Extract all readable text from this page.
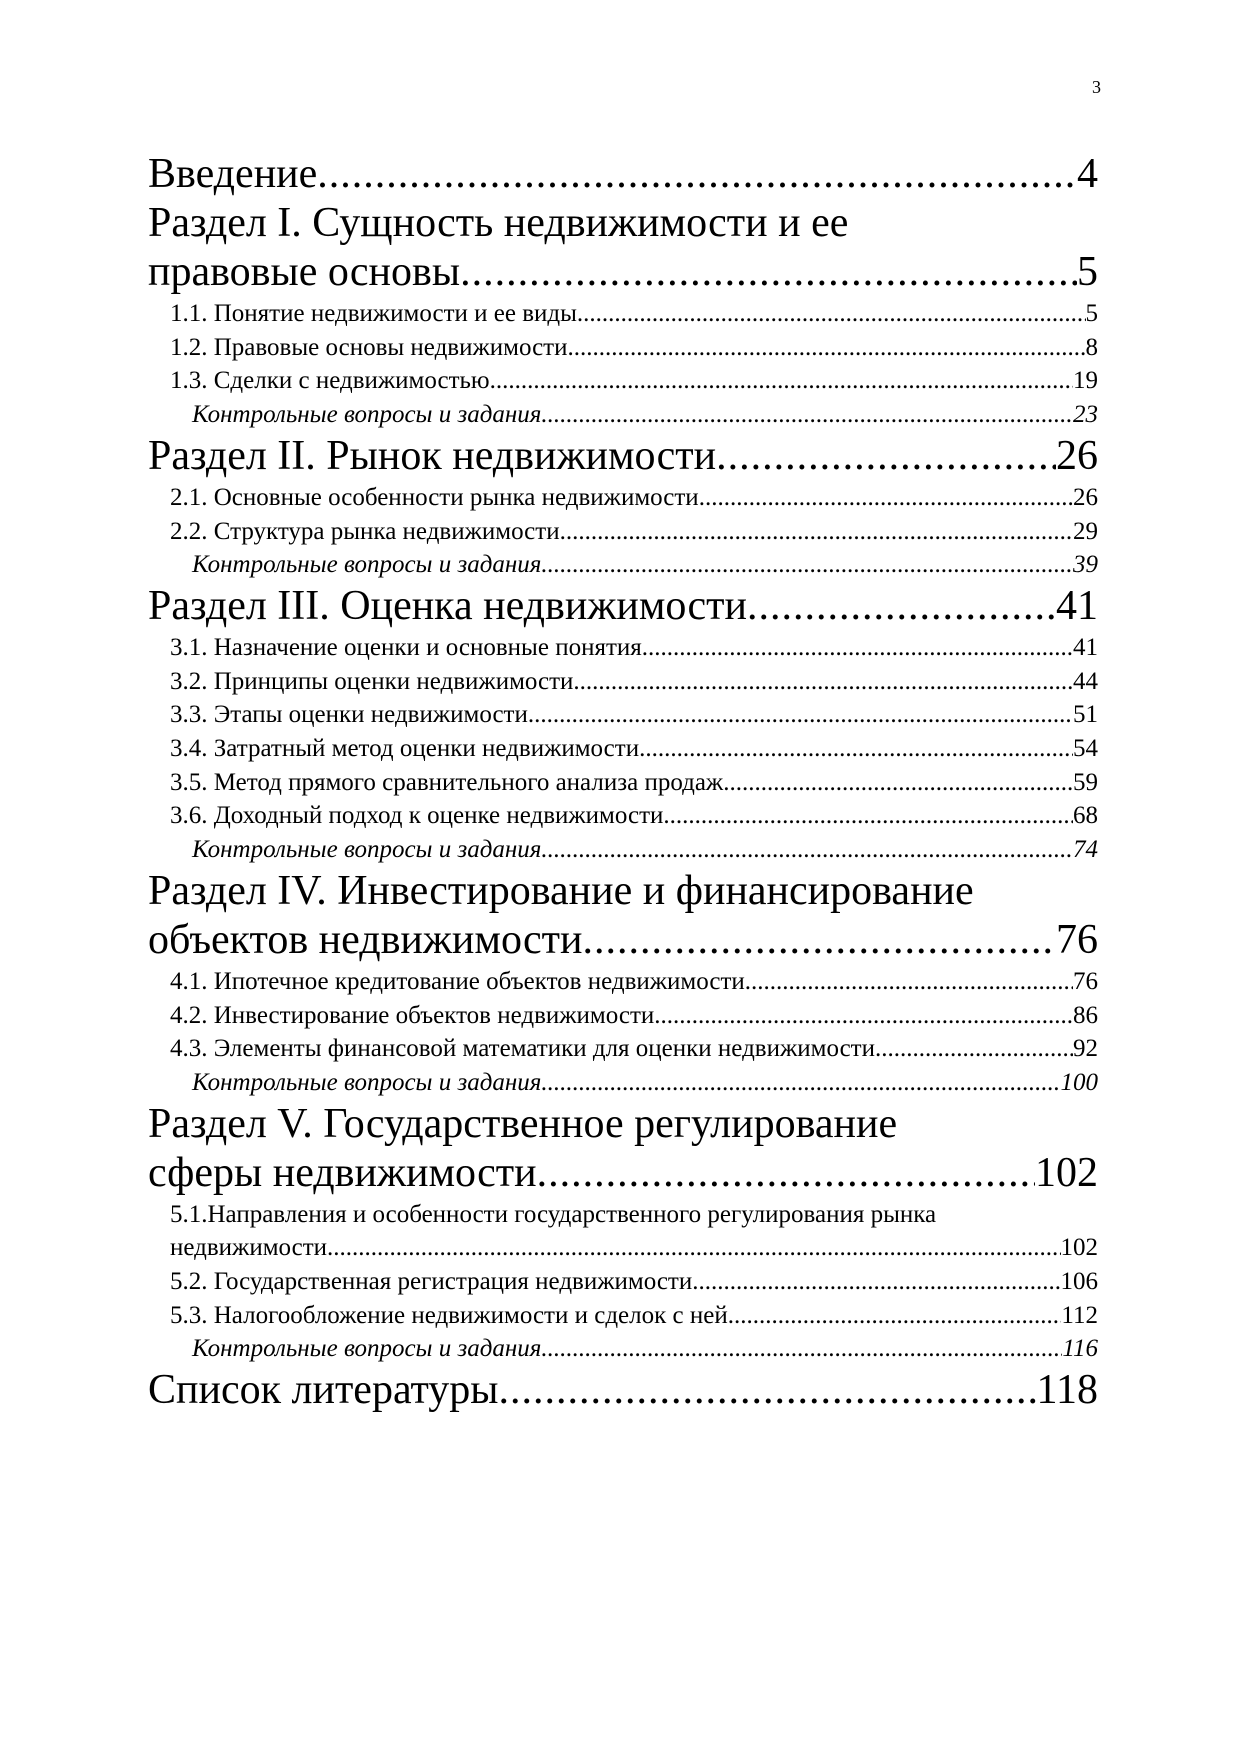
3
Введение .....	4
Раздел I. Сущность недвижимости и ее
правовые основы .....	5
1.1. Понятие недвижимости и ее виды .....	5
1.2. Правовые основы недвижимости .....	8
1.3. Сделки с недвижимостью .....	19
Контрольные вопросы и задания .....	23
Раздел II. Рынок недвижимости .....	26
2.1. Основные особенности рынка недвижимости .....	26
2.2. Структура рынка недвижимости .....	29
Контрольные вопросы и задания .....	39
Раздел III. Оценка недвижимости .....	41
3.1. Назначение оценки и основные понятия .....	41
3.2. Принципы оценки недвижимости .....	44
3.3. Этапы оценки недвижимости .....	51
3.4. Затратный метод оценки недвижимости. .....	54
3.5. Метод прямого сравнительного анализа продаж. .....	59
3.6. Доходный подход к оценке недвижимости .....	68
Контрольные вопросы и задания .....	74
Раздел IV. Инвестирование и финансирование
объектов недвижимости .....	76
4.1. Ипотечное кредитование объектов недвижимости .....	76
4.2. Инвестирование объектов недвижимости .....	86
4.3. Элементы финансовой математики для оценки недвижимости .....	92
Контрольные вопросы и задания .....	100
Раздел V. Государственное регулирование
сферы недвижимости .....	102
5.1.Направления и особенности государственного регулирования рынка
недвижимости .....	102
5.2. Государственная регистрация недвижимости .....	106
5.3. Налогообложение недвижимости и сделок с ней .....	112
Контрольные вопросы и задания .....	116
Список литературы .....	118
